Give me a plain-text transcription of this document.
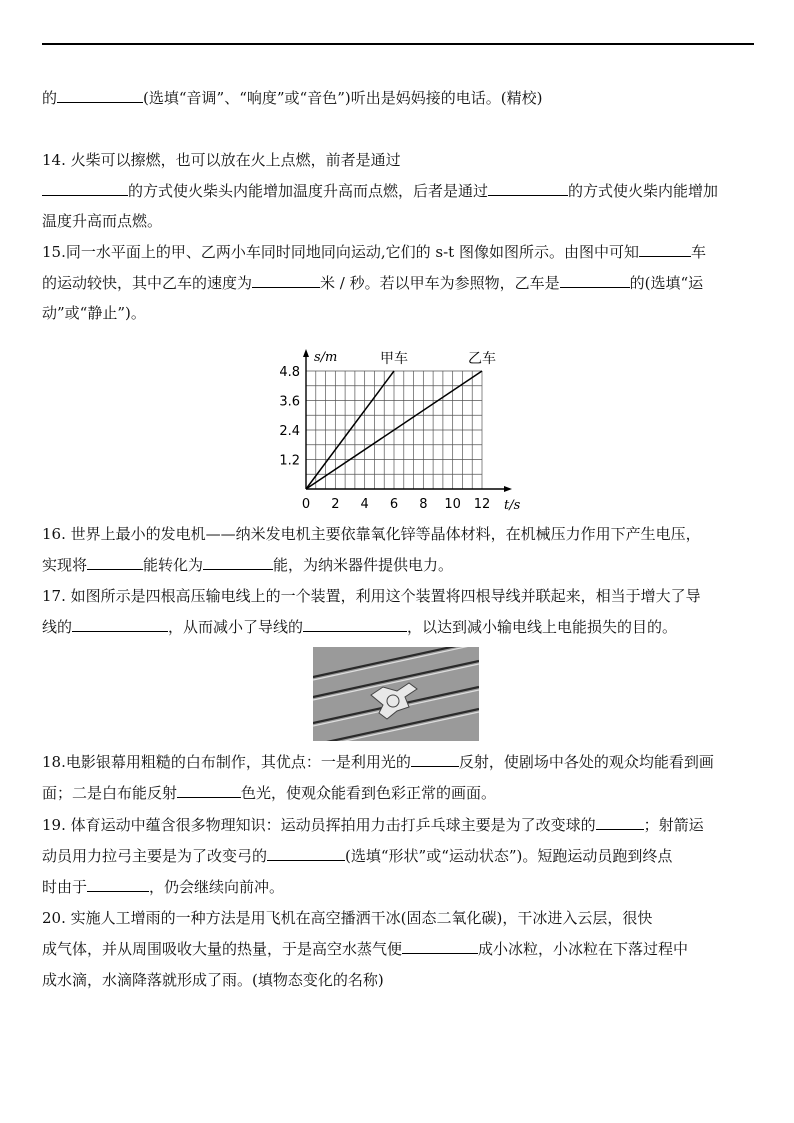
的	(选填“音调”、“响度”或“音色”)听出是妈妈接的电话。(精校)
14. 火柴可以擦燃，也可以放在火上点燃，前者是通过
的方式使火柴头内能增加温度升高而点燃，后者是通过	的方式使火柴内能增加
温度升高而点燃。
15.同一水平面上的甲、乙两小车同时同地同向运动,它们的 s-t 图像如图所示。由图中可知	车
的运动较快，其中乙车的速度为	米 / 秒。若以甲车为参照物，乙车是	的(选填“运
动”或“静止”)。
s/m
t/s
0 2 4 6 8 10 12
1.2
2.4
3.6
4.8
甲车	乙车
16. 世界上最小的发电机——纳米发电机主要依靠氧化锌等晶体材料，在机械压力作用下产生电压，
实现将	能转化为	能，为纳米器件提供电力。
17. 如图所示是四根高压输电线上的一个装置，利用这个装置将四根导线并联起来，相当于增大了导
线的	，从而减小了导线的	，以达到减小输电线上电能损失的目的。
18.电影银幕用粗糙的白布制作，其优点：一是利用光的	反射，使剧场中各处的观众均能看到画
面；二是白布能反射	色光，使观众能看到色彩正常的画面。
19. 体育运动中蕴含很多物理知识：运动员挥拍用力击打乒乓球主要是为了改变球的	；射箭运
动员用力拉弓主要是为了改变弓的	(选填“形状”或“运动状态”)。短跑运动员跑到终点
时由于	，仍会继续向前冲。
20. 实施人工增雨的一种方法是用飞机在高空播洒干冰(固态二氧化碳)，干冰进入云层，很快
成气体，并从周围吸收大量的热量，于是高空水蒸气便	成小冰粒，小冰粒在下落过程中
成水滴，水滴降落就形成了雨。(填物态变化的名称)
